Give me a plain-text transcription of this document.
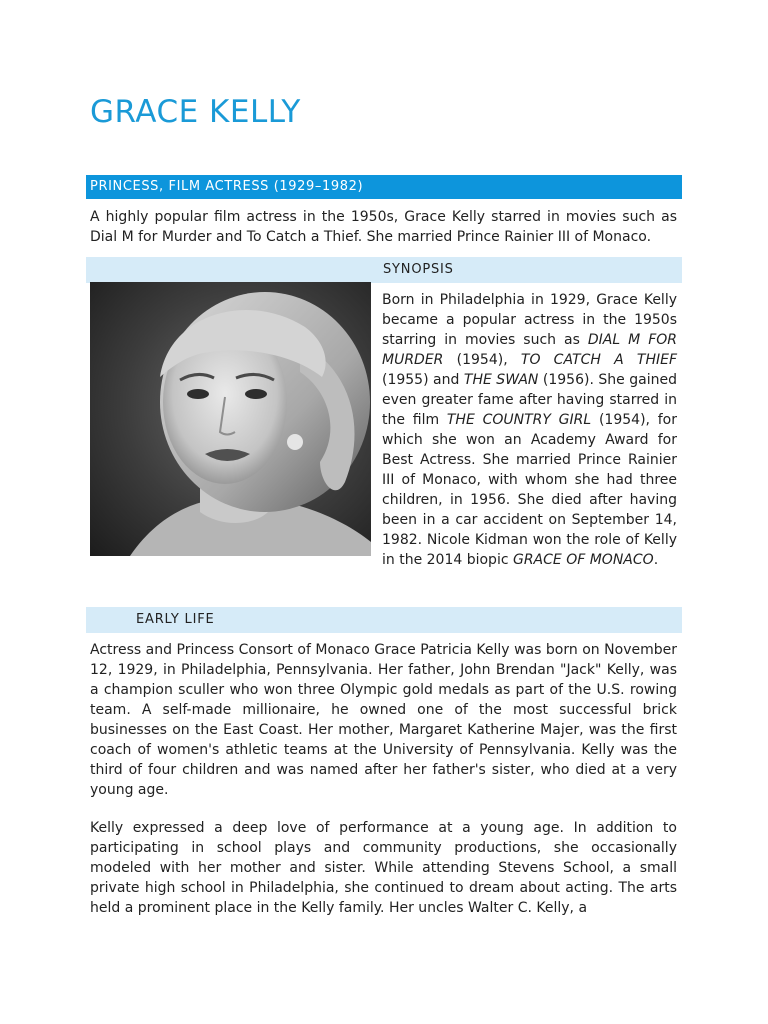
GRACE KELLY
PRINCESS, FILM ACTRESS (1929–1982)

A highly popular film actress in the 1950s, Grace Kelly starred in movies such as Dial M for Murder and To Catch a Thief. She married Prince Rainier III of Monaco.

SYNOPSIS

Born in Philadelphia in 1929, Grace Kelly became a popular actress in the 1950s starring in movies such as DIAL M FOR MURDER (1954), TO CATCH A THIEF (1955) and THE SWAN (1956). She gained even greater fame after having starred in the film THE COUNTRY GIRL (1954), for which she won an Academy Award for Best Actress. She married Prince Rainier III of Monaco, with whom she had three children, in 1956. She died after having been in a car accident on September 14, 1982. Nicole Kidman won the role of Kelly in the 2014 biopic GRACE OF MONACO.

EARLY LIFE

Actress and Princess Consort of Monaco Grace Patricia Kelly was born on November 12, 1929, in Philadelphia, Pennsylvania. Her father, John Brendan "Jack" Kelly, was a champion sculler who won three Olympic gold medals as part of the U.S. rowing team. A self-made millionaire, he owned one of the most successful brick businesses on the East Coast. Her mother, Margaret Katherine Majer, was the first coach of women's athletic teams at the University of Pennsylvania. Kelly was the third of four children and was named after her father's sister, who died at a very young age.

Kelly expressed a deep love of performance at a young age. In addition to participating in school plays and community productions, she occasionally modeled with her mother and sister. While attending Stevens School, a small private high school in Philadelphia, she continued to dream about acting. The arts held a prominent place in the Kelly family. Her uncles Walter C. Kelly, a
